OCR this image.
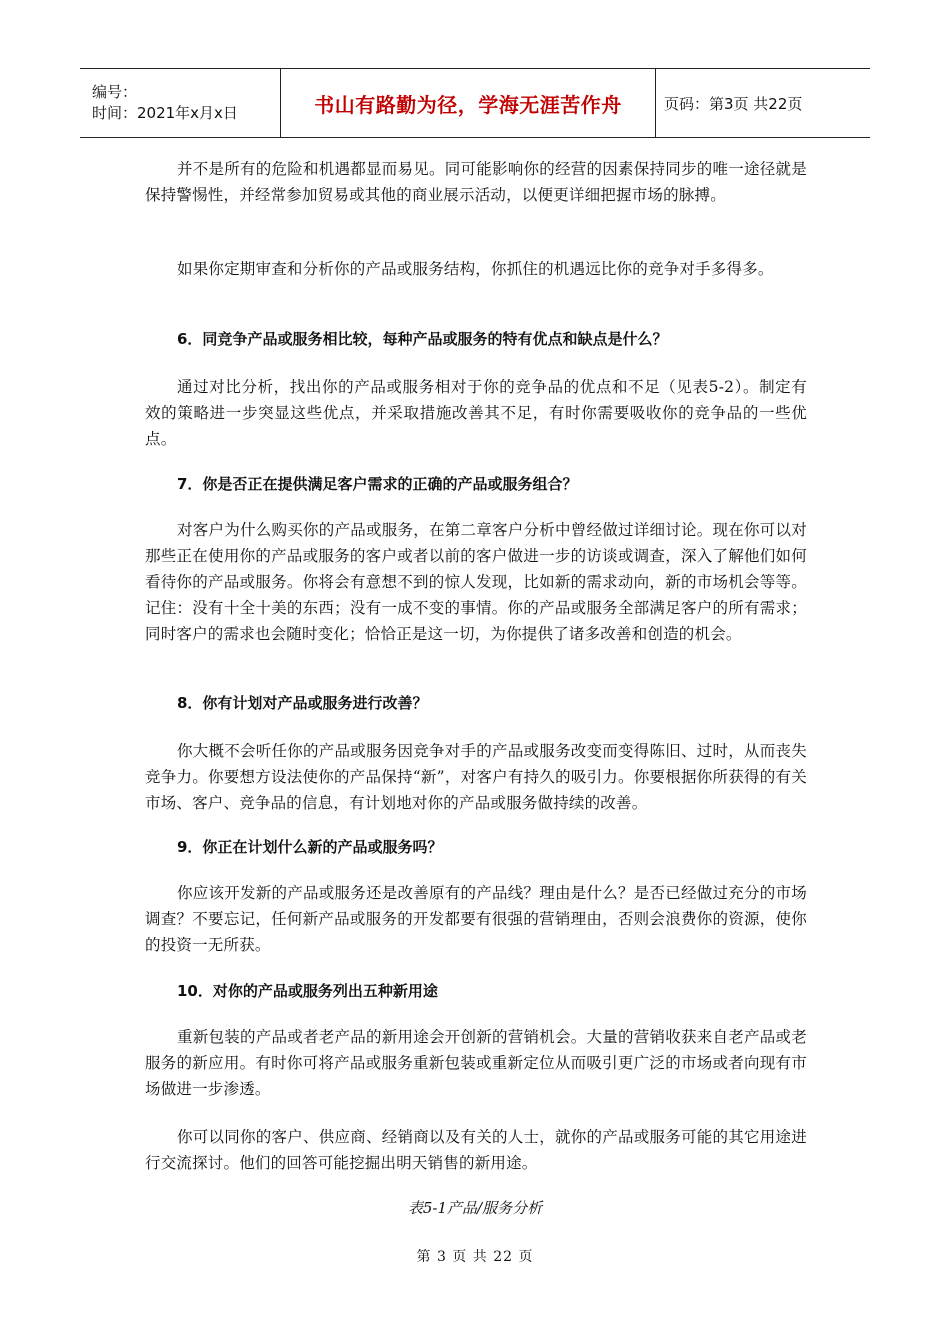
编号：
时间：2021年x月x日	书山有路勤为径，学海无涯苦作舟	页码：第3页 共22页
并不是所有的危险和机遇都显而易见。同可能影响你的经营的因素保持同步的唯一途径就是保持警惕性，并经常参加贸易或其他的商业展示活动，以便更详细把握市场的脉搏。
如果你定期审查和分析你的产品或服务结构，你抓住的机遇远比你的竞争对手多得多。
6．同竞争产品或服务相比较，每种产品或服务的特有优点和缺点是什么？
通过对比分析，找出你的产品或服务相对于你的竞争品的优点和不足（见表5-2）。制定有效的策略进一步突显这些优点，并采取措施改善其不足，有时你需要吸收你的竞争品的一些优点。
7．你是否正在提供满足客户需求的正确的产品或服务组合？
对客户为什么购买你的产品或服务，在第二章客户分析中曾经做过详细讨论。现在你可以对那些正在使用你的产品或服务的客户或者以前的客户做进一步的访谈或调查，深入了解他们如何看待你的产品或服务。你将会有意想不到的惊人发现，比如新的需求动向，新的市场机会等等。记住：没有十全十美的东西；没有一成不变的事情。你的产品或服务全部满足客户的所有需求；同时客户的需求也会随时变化；恰恰正是这一切，为你提供了诸多改善和创造的机会。
8．你有计划对产品或服务进行改善？
你大概不会听任你的产品或服务因竞争对手的产品或服务改变而变得陈旧、过时，从而丧失竞争力。你要想方设法使你的产品保持“新”，对客户有持久的吸引力。你要根据你所获得的有关市场、客户、竞争品的信息，有计划地对你的产品或服务做持续的改善。
9．你正在计划什么新的产品或服务吗？
你应该开发新的产品或服务还是改善原有的产品线？理由是什么？是否已经做过充分的市场调查？不要忘记，任何新产品或服务的开发都要有很强的营销理由，否则会浪费你的资源，使你的投资一无所获。
10．对你的产品或服务列出五种新用途
重新包装的产品或者老产品的新用途会开创新的营销机会。大量的营销收获来自老产品或老服务的新应用。有时你可将产品或服务重新包装或重新定位从而吸引更广泛的市场或者向现有市场做进一步渗透。
你可以同你的客户、供应商、经销商以及有关的人士，就你的产品或服务可能的其它用途进行交流探讨。他们的回答可能挖掘出明天销售的新用途。
表5-1产品/服务分析
第 3 页 共 22 页
